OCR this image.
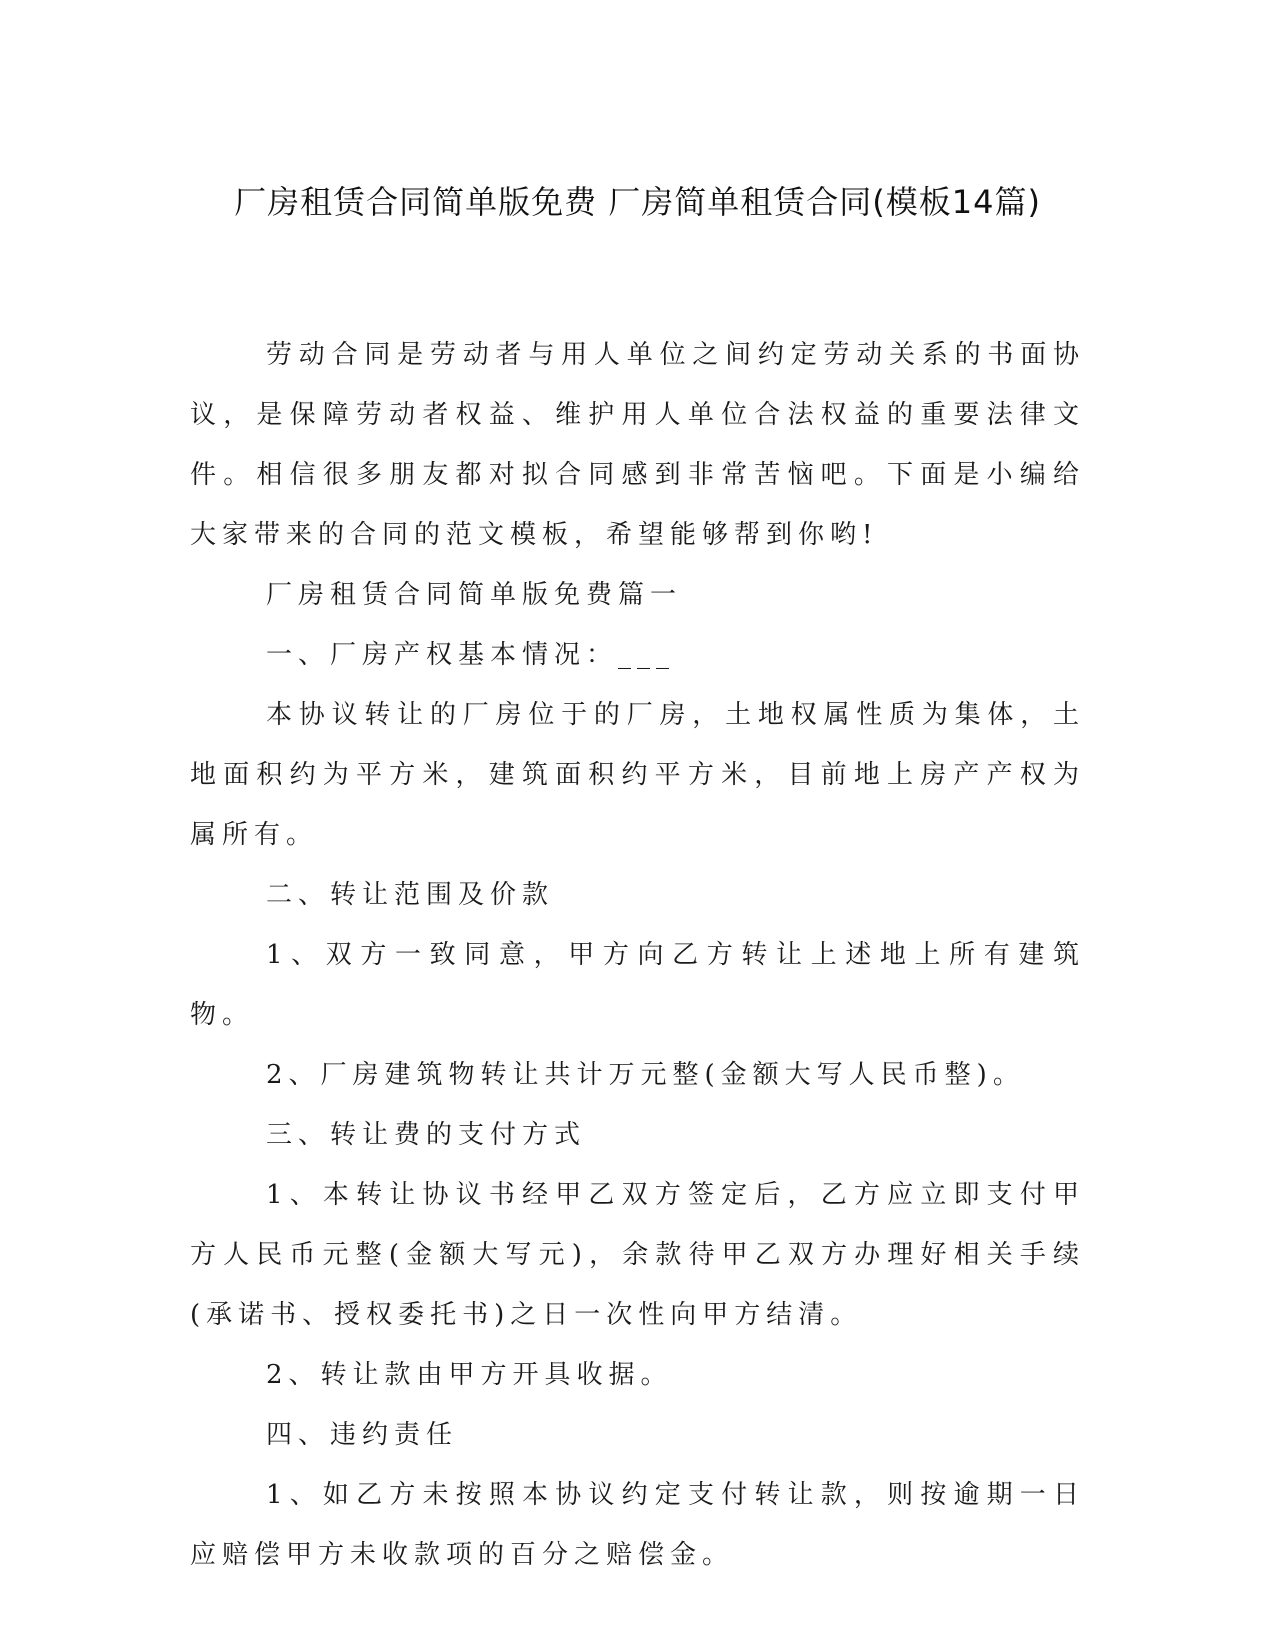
厂房租赁合同简单版免费 厂房简单租赁合同(模板14篇)

劳动合同是劳动者与用人单位之间约定劳动关系的书面协议，是保障劳动者权益、维护用人单位合法权益的重要法律文件。相信很多朋友都对拟合同感到非常苦恼吧。下面是小编给大家带来的合同的范文模板，希望能够帮到你哟!

厂房租赁合同简单版免费篇一

一、厂房产权基本情况：___

本协议转让的厂房位于的厂房，土地权属性质为集体，土地面积约为平方米，建筑面积约平方米，目前地上房产产权为属所有。

二、转让范围及价款

1、双方一致同意，甲方向乙方转让上述地上所有建筑物。

2、厂房建筑物转让共计万元整(金额大写人民币整)。

三、转让费的支付方式

1、本转让协议书经甲乙双方签定后，乙方应立即支付甲方人民币元整(金额大写元)，余款待甲乙双方办理好相关手续(承诺书、授权委托书)之日一次性向甲方结清。

2、转让款由甲方开具收据。

四、违约责任

1、如乙方未按照本协议约定支付转让款，则按逾期一日应赔偿甲方未收款项的百分之赔偿金。
